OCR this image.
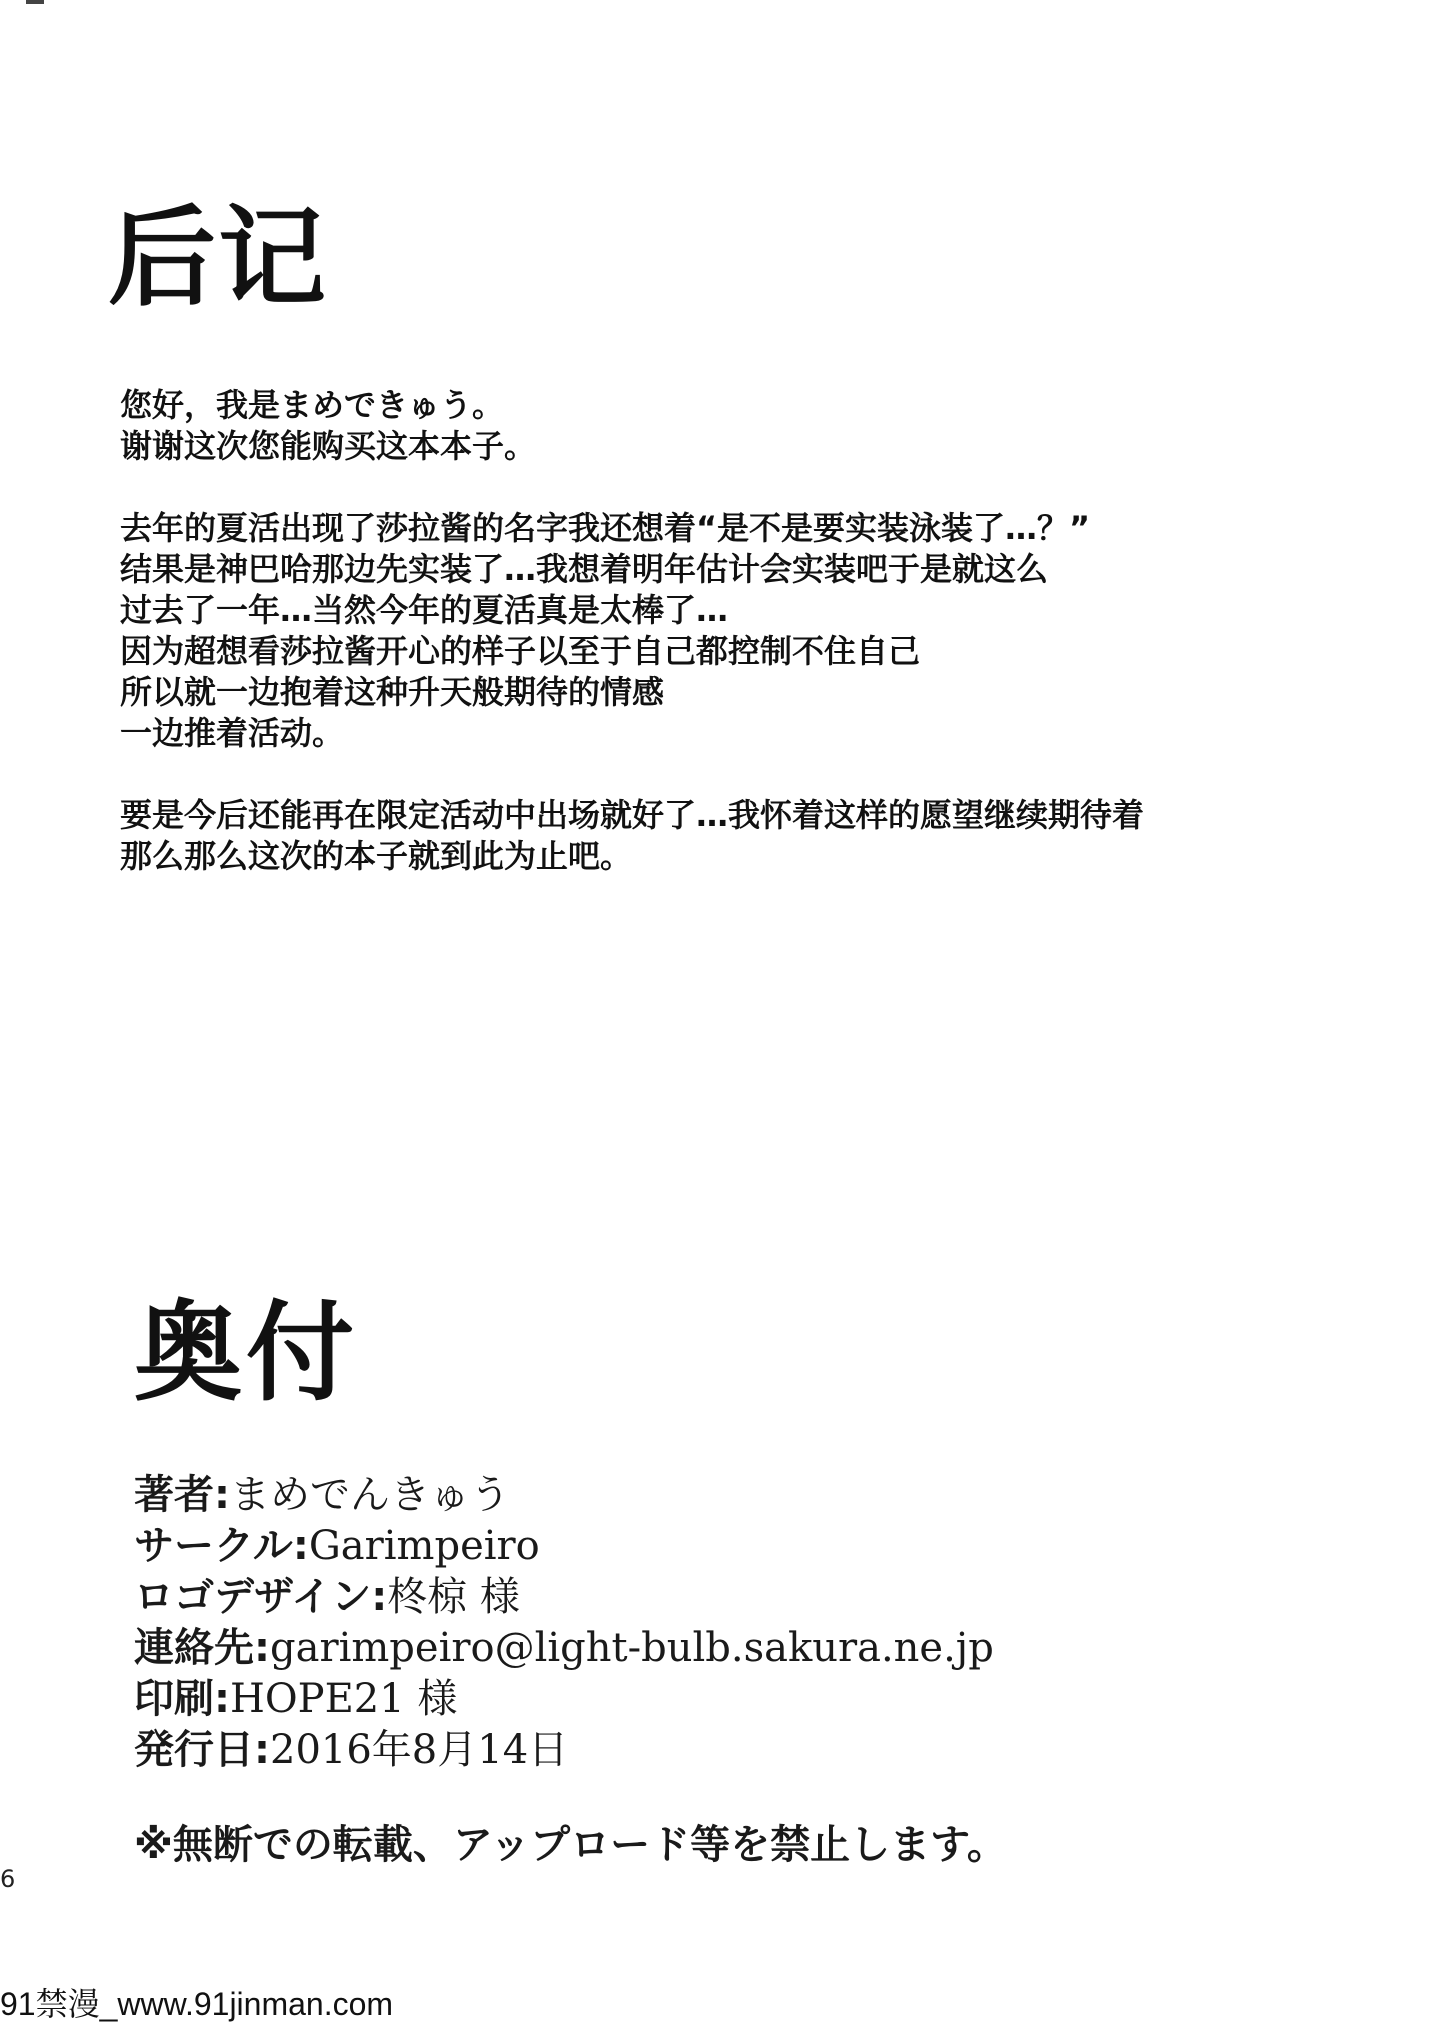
后记
您好，我是まめできゅう。
谢谢这次您能购买这本本子。
去年的夏活出现了莎拉酱的名字我还想着“是不是要实装泳装了…？”
结果是神巴哈那边先实装了…我想着明年估计会实装吧于是就这么
过去了一年…当然今年的夏活真是太棒了…
因为超想看莎拉酱开心的样子以至于自己都控制不住自己
所以就一边抱着这种升天般期待的情感
一边推着活动。
要是今后还能再在限定活动中出场就好了…我怀着这样的愿望继续期待着
那么那么这次的本子就到此为止吧。
奥付
著者:まめでんきゅう
サークル:Garimpeiro
ロゴデザイン:柊椋 様
連絡先:garimpeiro@light-bulb.sakura.ne.jp
印刷:HOPE21 様
発行日:2016年8月14日
※無断での転載、アップロード等を禁止します。
6
91禁漫_www.91jinman.com
